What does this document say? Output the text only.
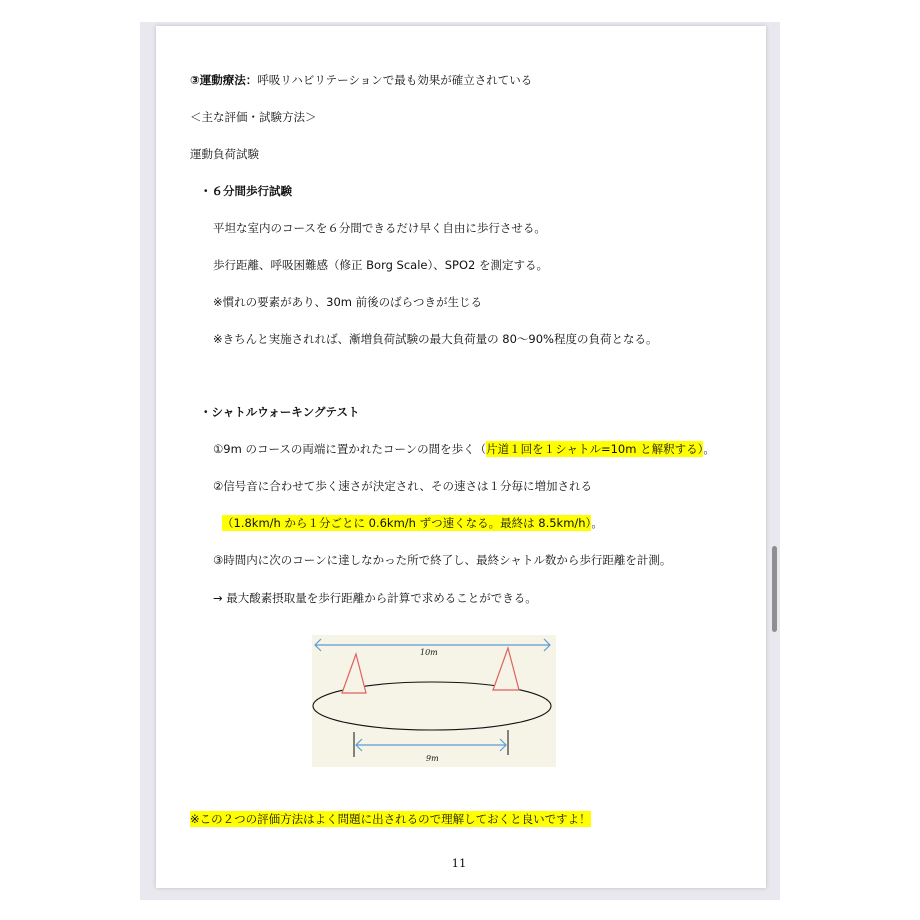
③運動療法：呼吸リハビリテーションで最も効果が確立されている
＜主な評価・試験方法＞
運動負荷試験
・６分間歩行試験
平坦な室内のコースを６分間できるだけ早く自由に歩行させる。
歩行距離、呼吸困難感（修正 Borg Scale）、SPO2 を測定する。
※慣れの要素があり、30m 前後のばらつきが生じる
※きちんと実施されれば、漸増負荷試験の最大負荷量の 80～90%程度の負荷となる。
・シャトルウォーキングテスト
①9m のコースの両端に置かれたコーンの間を歩く（片道１回を１シャトル=10m と解釈する）。
②信号音に合わせて歩く速さが決定され、その速さは１分毎に増加される
（1.8km/h から１分ごとに 0.6km/h ずつ速くなる。最終は 8.5km/h）。
③時間内に次のコーンに達しなかった所で終了し、最終シャトル数から歩行距離を計測。
→ 最大酸素摂取量を歩行距離から計算で求めることができる。
10m
9m
※この２つの評価方法はよく問題に出されるので理解しておくと良いですよ！
11
